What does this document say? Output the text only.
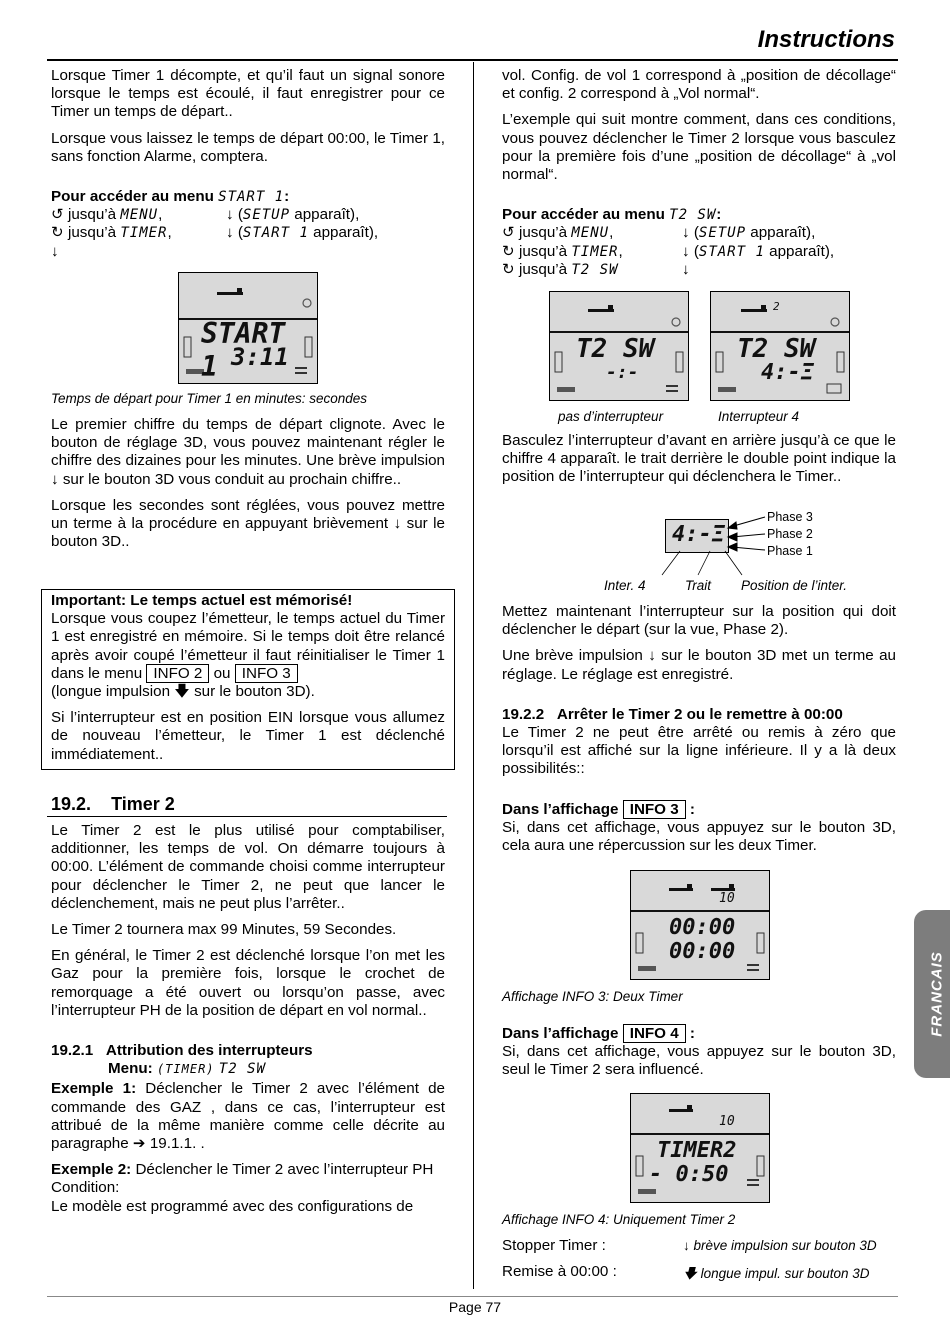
Instructions
Page 77
FRANCAIS

Lorsque Timer 1 décompte, et qu’il faut un signal sonore lorsque le temps est écoulé, il faut enregistrer pour ce Timer un temps de départ..

Lorsque vous laissez le temps de départ 00:00, le Timer 1, sans fonction Alarme, comptera.

Pour accéder au menu START 1:
↺ jusqu’à MENU,	↓ (SETUP apparaît),
↻ jusqu’à TIMER,	↓ (START 1 apparaît),
↓
START 1 3:11
Temps de départ pour Timer 1 en minutes: secondes

Le premier chiffre du temps de départ clignote. Avec le bouton de réglage 3D, vous pouvez maintenant régler le chiffre des dizaines pour les minutes. Une brève impulsion ↓ sur le bouton 3D vous conduit au prochain chiffre..

Lorsque les secondes sont réglées, vous pouvez mettre un terme à la procédure en appuyant brièvement ↓ sur le bouton 3D..

Important: Le temps actuel est mémorisé!

Lorsque vous coupez l’émetteur, le temps actuel du Timer 1 est enregistré en mémoire. Si le temps doit être relancé après avoir coupé l’émetteur il faut réinitialiser le Timer 1 dans le menu INFO 2 ou INFO 3

(longue impulsion 🡇 sur le bouton 3D).

Si l’interrupteur est en position EIN lorsque vous allumez de nouveau l’émetteur, le Timer 1 est déclenché immédiatement..

19.2. Timer 2

Le Timer 2 est le plus utilisé pour comptabiliser, additionner, les temps de vol. On démarre toujours à 00:00. L’élément de commande choisi comme interrupteur pour déclencher le Timer 2, ne peut que lancer le déclenchement, mais ne peut plus l’arrêter..

Le Timer 2 tournera max 99 Minutes, 59 Secondes.

En général, le Timer 2 est déclenché lorsque l’on met les Gaz pour la première fois, lorsque le crochet de remorquage a été ouvert ou lorsqu’on passe, avec l’interrupteur PH de la position de départ en vol normal..

19.2.1 Attribution des interrupteurs
Menu: (TIMER) T2 SW

Exemple 1: Déclencher le Timer 2 avec l’élément de commande des GAZ , dans ce cas, l’interrupteur est attribué de la même manière comme celle décrite au paragraphe ➔ 19.1.1. .

Exemple 2: Déclencher le Timer 2 avec l’interrupteur PH

Condition:
Le modèle est programmé avec des configurations de

vol. Config. de vol 1 correspond à „position de décollage“ et config. 2 correspond à „Vol normal“.

L’exemple qui suit montre comment, dans ces conditions, vous pouvez déclencher le Timer 2 lorsque vous basculez pour la première fois d’une „position de décollage“ à „vol normal“.

Pour accéder au menu T2 SW:
↺ jusqu’à MENU,	↓ (SETUP apparaît),
↻ jusqu’à TIMER,	↓ (START 1 apparaît),
↻ jusqu’à T2 SW	↓
T2 SW
-:-
2
T2 SW
4:-Ξ
pas d’interrupteur	Interrupteur 4

Basculez l’interrupteur d’avant en arrière jusqu’à ce que le chiffre 4 apparaît. le trait derrière le double point indique la position de l’interrupteur qui déclenchera le Timer..

4:-Ξ
Phase 3
Phase 2
Phase 1
Inter. 4	Trait Position de l’inter.

Mettez maintenant l’interrupteur sur la position qui doit déclencher le départ (sur la vue, Phase 2).

Une brève impulsion ↓ sur le bouton 3D met un terme au réglage. Le réglage est enregistré.

19.2.2 Arrêter le Timer 2 ou le remettre à 00:00

Le Timer 2 ne peut être arrêté ou remis à zéro que lorsqu’il est affiché sur la ligne inférieure. Il y a là deux possibilités::

Dans l’affichage INFO 3 :

Si, dans cet affichage, vous appuyez sur le bouton 3D, cela aura une répercussion sur les deux Timer.

10
00:00
00:00
Affichage INFO 3: Deux Timer
Dans l’affichage INFO 4 :

Si, dans cet affichage, vous appuyez sur le bouton 3D, seul le Timer 2 sera influencé.

10
TIMER2
- 0:50
Affichage INFO 4: Uniquement Timer 2
Stopper Timer :	↓ brève impulsion sur bouton 3D
Remise à 00:00 :	🡇 longue impul. sur bouton 3D
